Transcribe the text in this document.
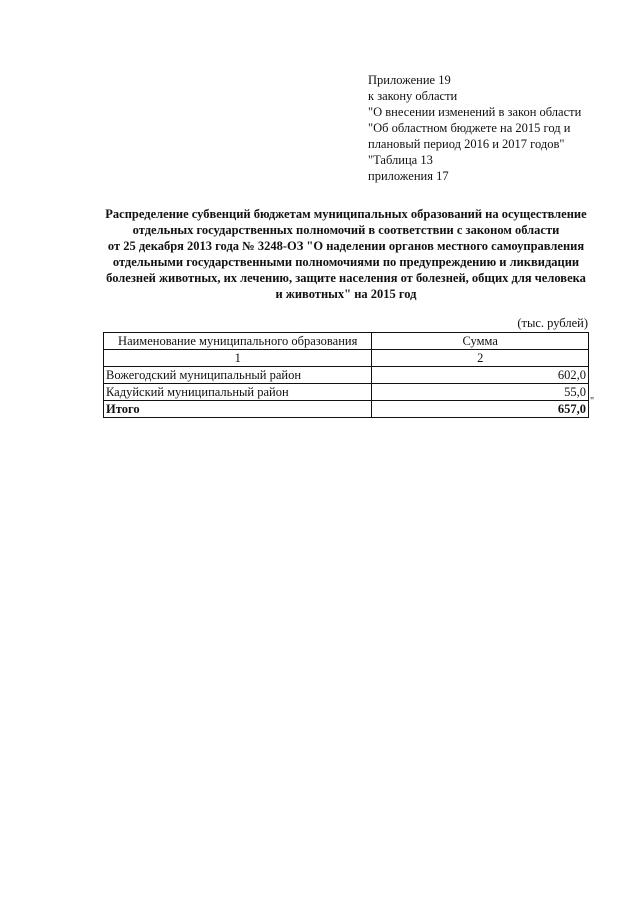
Приложение 19
к закону области
"О внесении изменений в закон области
"Об областном бюджете на 2015 год и
плановый период 2016 и 2017 годов"
"Таблица 13
приложения 17
Распределение субвенций бюджетам муниципальных образований на осуществление
отдельных государственных полномочий в соответствии с законом области
от 25 декабря 2013 года № 3248-ОЗ "О наделении органов местного самоуправления
отдельными государственными полномочиями по предупреждению и ликвидации
болезней животных, их лечению, защите населения от болезней, общих для человека
и животных" на 2015 год
(тыс. рублей)
Наименование муниципального образования	Сумма
1	2
Вожегодский муниципальный район	602,0
Кадуйский муниципальный район	55,0
Итого	657,0
"
